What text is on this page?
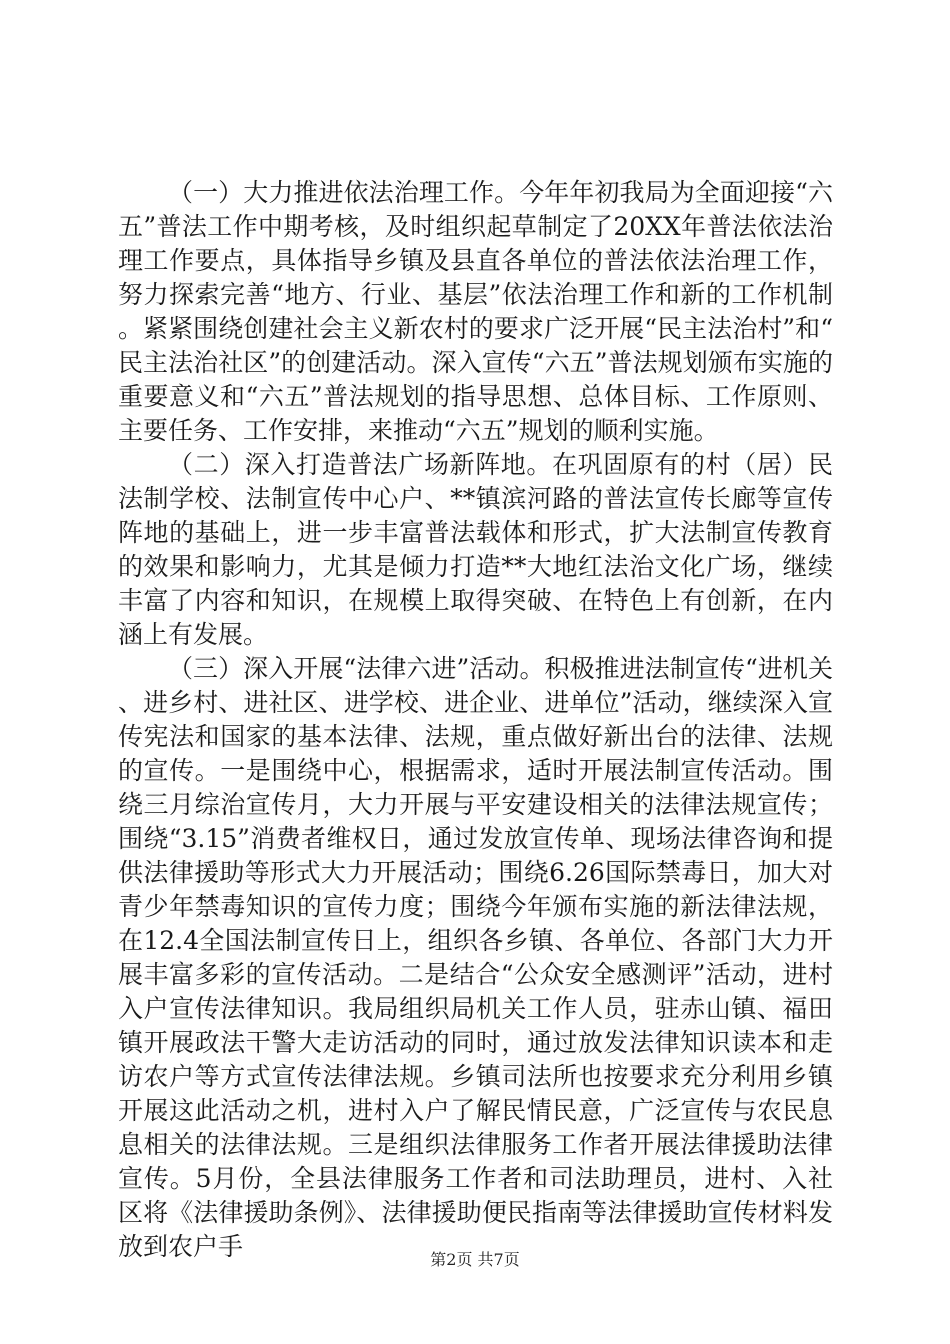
（一）大力推进依法治理工作。今年年初我局为全面迎接“六五”普法工作中期考核，及时组织起草制定了20XX年普法依法治理工作要点，具体指导乡镇及县直各单位的普法依法治理工作，努力探索完善“地方、行业、基层”依法治理工作和新的工作机制。紧紧围绕创建社会主义新农村的要求广泛开展“民主法治村”和“民主法治社区”的创建活动。深入宣传“六五”普法规划颁布实施的重要意义和“六五”普法规划的指导思想、总体目标、工作原则、主要任务、工作安排，来推动“六五”规划的顺利实施。

（二）深入打造普法广场新阵地。在巩固原有的村（居）民法制学校、法制宣传中心户、**镇滨河路的普法宣传长廊等宣传阵地的基础上，进一步丰富普法载体和形式，扩大法制宣传教育的效果和影响力，尤其是倾力打造**大地红法治文化广场，继续丰富了内容和知识，在规模上取得突破、在特色上有创新，在内涵上有发展。

（三）深入开展“法律六进”活动。积极推进法制宣传“进机关、进乡村、进社区、进学校、进企业、进单位”活动，继续深入宣传宪法和国家的基本法律、法规，重点做好新出台的法律、法规的宣传。一是围绕中心，根据需求，适时开展法制宣传活动。围绕三月综治宣传月，大力开展与平安建设相关的法律法规宣传；围绕“3.15”消费者维权日，通过发放宣传单、现场法律咨询和提供法律援助等形式大力开展活动；围绕6.26国际禁毒日，加大对青少年禁毒知识的宣传力度；围绕今年颁布实施的新法律法规，在12.4全国法制宣传日上，组织各乡镇、各单位、各部门大力开展丰富多彩的宣传活动。二是结合“公众安全感测评”活动，进村入户宣传法律知识。我局组织局机关工作人员，驻赤山镇、福田镇开展政法干警大走访活动的同时，通过放发法律知识读本和走访农户等方式宣传法律法规。乡镇司法所也按要求充分利用乡镇开展这此活动之机，进村入户了解民情民意，广泛宣传与农民息息相关的法律法规。三是组织法律服务工作者开展法律援助法律宣传。5月份，全县法律服务工作者和司法助理员，进村、入社区将《法律援助条例》、法律援助便民指南等法律援助宣传材料发放到农户手	第2页 共7页
